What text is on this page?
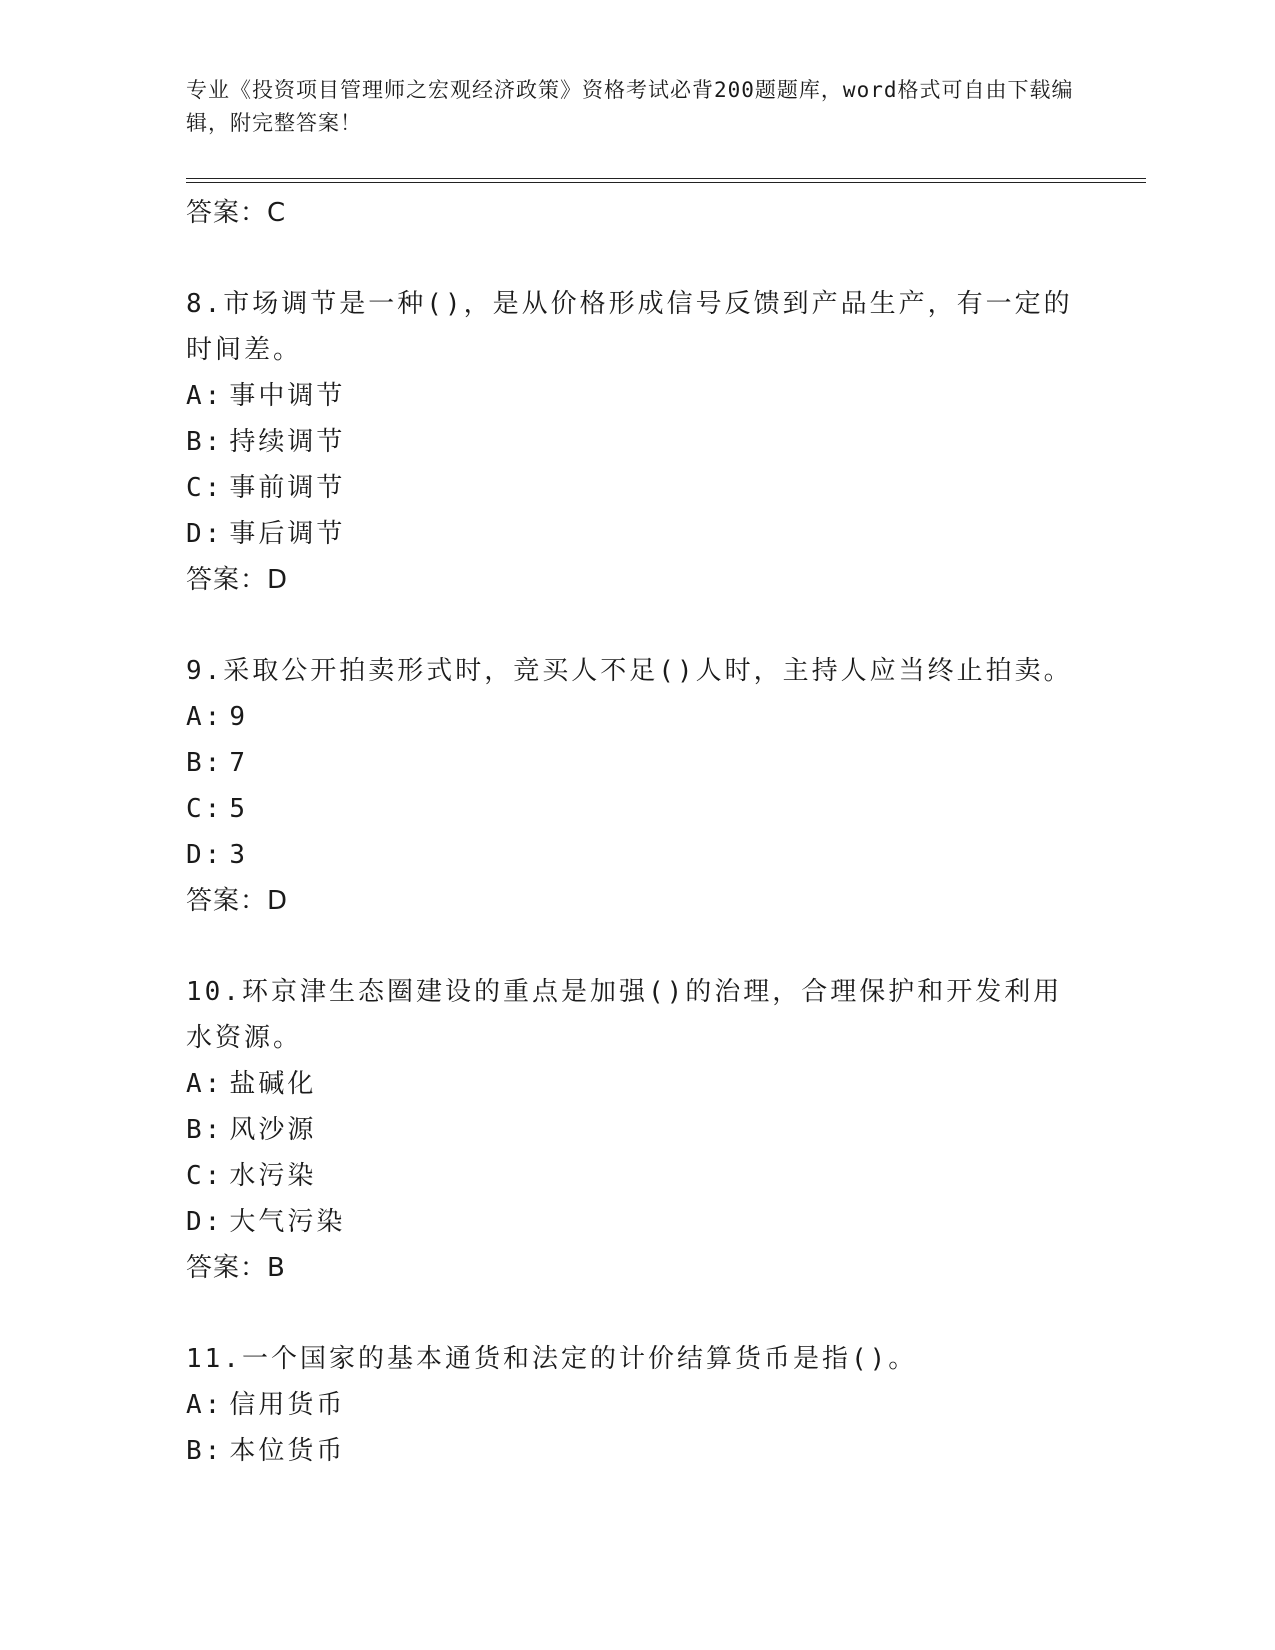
专业《投资项目管理师之宏观经济政策》资格考试必背200题题库，word格式可自由下载编辑，附完整答案！
答案：C
8.市场调节是一种()，是从价格形成信号反馈到产品生产，有一定的时间差。
A: 事中调节
B: 持续调节
C: 事前调节
D: 事后调节
答案：D
9.采取公开拍卖形式时，竞买人不足()人时，主持人应当终止拍卖。
A: 9
B: 7
C: 5
D: 3
答案：D
10.环京津生态圈建设的重点是加强()的治理，合理保护和开发利用水资源。
A: 盐碱化
B: 风沙源
C: 水污染
D: 大气污染
答案：B
11.一个国家的基本通货和法定的计价结算货币是指()。
A: 信用货币
B: 本位货币
